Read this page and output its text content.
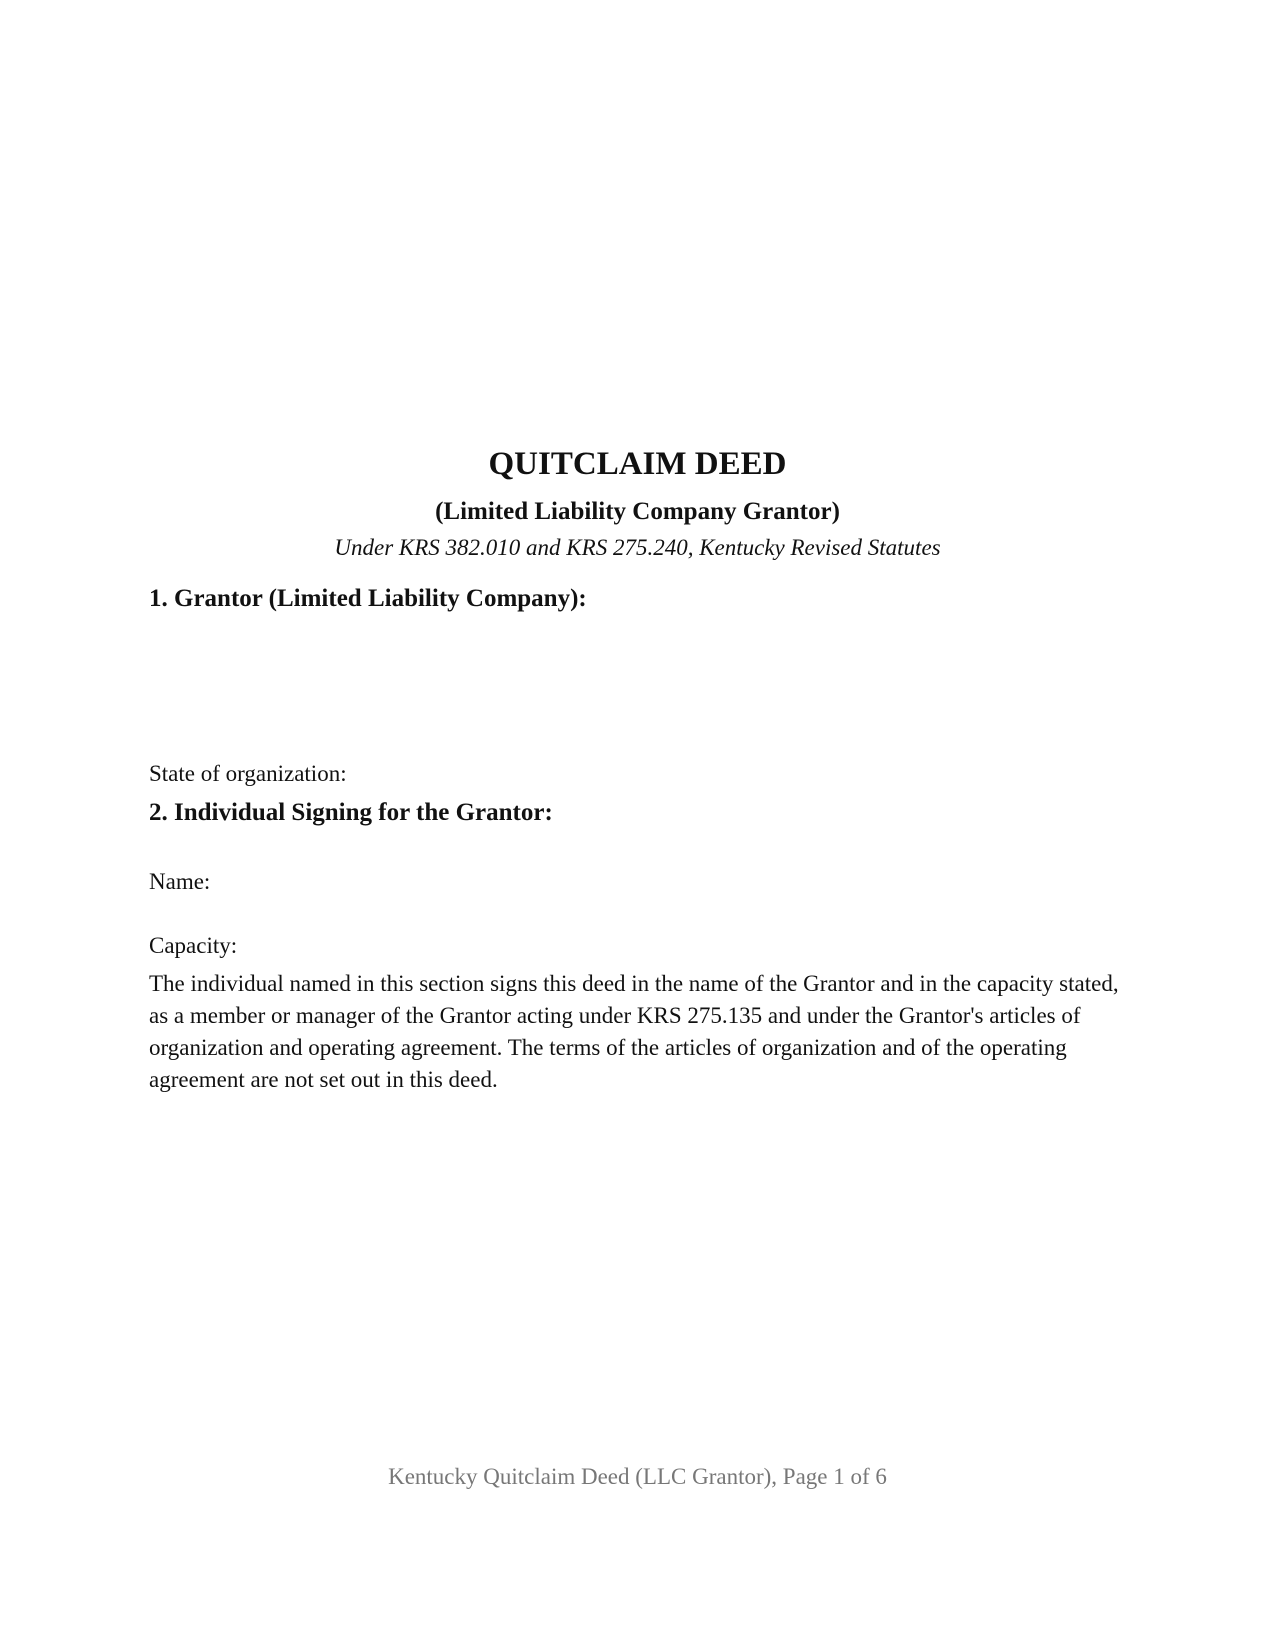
QUITCLAIM DEED
(Limited Liability Company Grantor)
Under KRS 382.010 and KRS 275.240, Kentucky Revised Statutes
1. Grantor (Limited Liability Company):
State of organization:
2. Individual Signing for the Grantor:
Name:
Capacity:

The individual named in this section signs this deed in the name of the Grantor and in the capacity stated, as a member or manager of the Grantor acting under KRS 275.135 and under the Grantor's articles of organization and operating agreement. The terms of the articles of organization and of the operating agreement are not set out in this deed.

Kentucky Quitclaim Deed (LLC Grantor), Page 1 of 6
